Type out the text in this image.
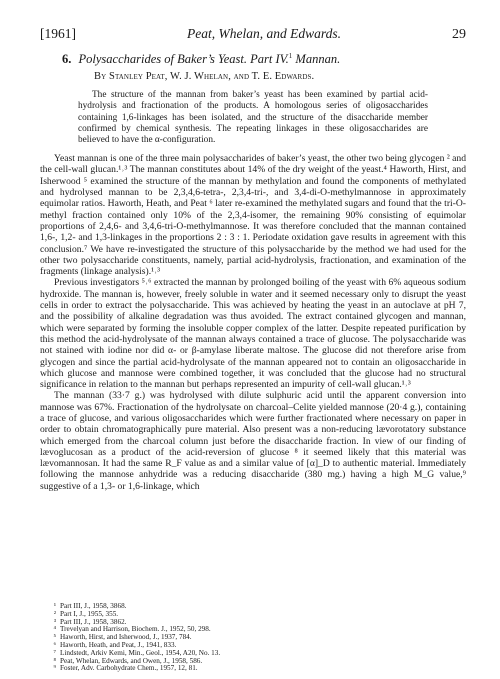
[1961]	Peat, Whelan, and Edwards.	29
6. Polysaccharides of Baker’s Yeast. Part IV.$^1$ Mannan.
By Stanley Peat, W. J. Whelan, and T. E. Edwards.

The structure of the mannan from baker’s yeast has been examined by partial acid-hydrolysis and fractionation of the products. A homologous series of oligosaccharides containing 1,6-linkages has been isolated, and the structure of the disaccharide member confirmed by chemical synthesis. The repeating linkages in these oligosaccharides are believed to have the α-configuration.

Yeast mannan is one of the three main polysaccharides of baker’s yeast, the other two being glycogen ² and the cell-wall glucan.¹˒³ The mannan constitutes about 14% of the dry weight of the yeast.⁴ Haworth, Hirst, and Isherwood ⁵ examined the structure of the mannan by methylation and found the components of methylated and hydrolysed mannan to be 2,3,4,6-tetra-, 2,3,4-tri-, and 3,4-di-O-methylmannose in approximately equimolar ratios. Haworth, Heath, and Peat ⁶ later re-examined the methylated sugars and found that the tri-O-methyl fraction contained only 10% of the 2,3,4-isomer, the remaining 90% consisting of equimolar proportions of 2,4,6- and 3,4,6-tri-O-methylmannose. It was therefore concluded that the mannan contained 1,6-, 1,2- and 1,3-linkages in the proportions 2 : 3 : 1. Periodate oxidation gave results in agreement with this conclusion.⁷ We have re-investigated the structure of this polysaccharide by the method we had used for the other two polysaccharide constituents, namely, partial acid-hydrolysis, fractionation, and examination of the fragments (linkage analysis).¹˒³

Previous investigators ⁵˒⁶ extracted the mannan by prolonged boiling of the yeast with 6% aqueous sodium hydroxide. The mannan is, however, freely soluble in water and it seemed necessary only to disrupt the yeast cells in order to extract the polysaccharide. This was achieved by heating the yeast in an autoclave at pH 7, and the possibility of alkaline degradation was thus avoided. The extract contained glycogen and mannan, which were separated by forming the insoluble copper complex of the latter. Despite repeated purification by this method the acid-hydrolysate of the mannan always contained a trace of glucose. The polysaccharide was not stained with iodine nor did α- or β-amylase liberate maltose. The glucose did not therefore arise from glycogen and since the partial acid-hydrolysate of the mannan appeared not to contain an oligosaccharide in which glucose and mannose were combined together, it was concluded that the glucose had no structural significance in relation to the mannan but perhaps represented an impurity of cell-wall glucan.¹˒³

The mannan (33·7 g.) was hydrolysed with dilute sulphuric acid until the apparent conversion into mannose was 67%. Fractionation of the hydrolysate on charcoal–Celite yielded mannose (20·4 g.), containing a trace of glucose, and various oligosaccharides which were further fractionated where necessary on paper in order to obtain chromatographically pure material. Also present was a non-reducing lævorotatory substance which emerged from the charcoal column just before the disaccharide fraction. In view of our finding of lævoglucosan as a product of the acid-reversion of glucose ⁸ it seemed likely that this material was lævomannosan. It had the same R_F value as and a similar value of [α]_D to authentic material. Immediately following the mannose anhydride was a reducing disaccharide (380 mg.) having a high M_G value,⁹ suggestive of a 1,3- or 1,6-linkage, which

¹ Part III, J., 1958, 3868.
² Part I, J., 1955, 355.
³ Part III, J., 1958, 3862.
⁴ Trevelyan and Harrison, Biochem. J., 1952, 50, 298.
⁵ Haworth, Hirst, and Isherwood, J., 1937, 784.
⁶ Haworth, Heath, and Peat, J., 1941, 833.
⁷ Lindstedt, Arkiv Kemi, Min., Geol., 1954, A20, No. 13.
⁸ Peat, Whelan, Edwards, and Owen, J., 1958, 586.
⁹ Foster, Adv. Carbohydrate Chem., 1957, 12, 81.
